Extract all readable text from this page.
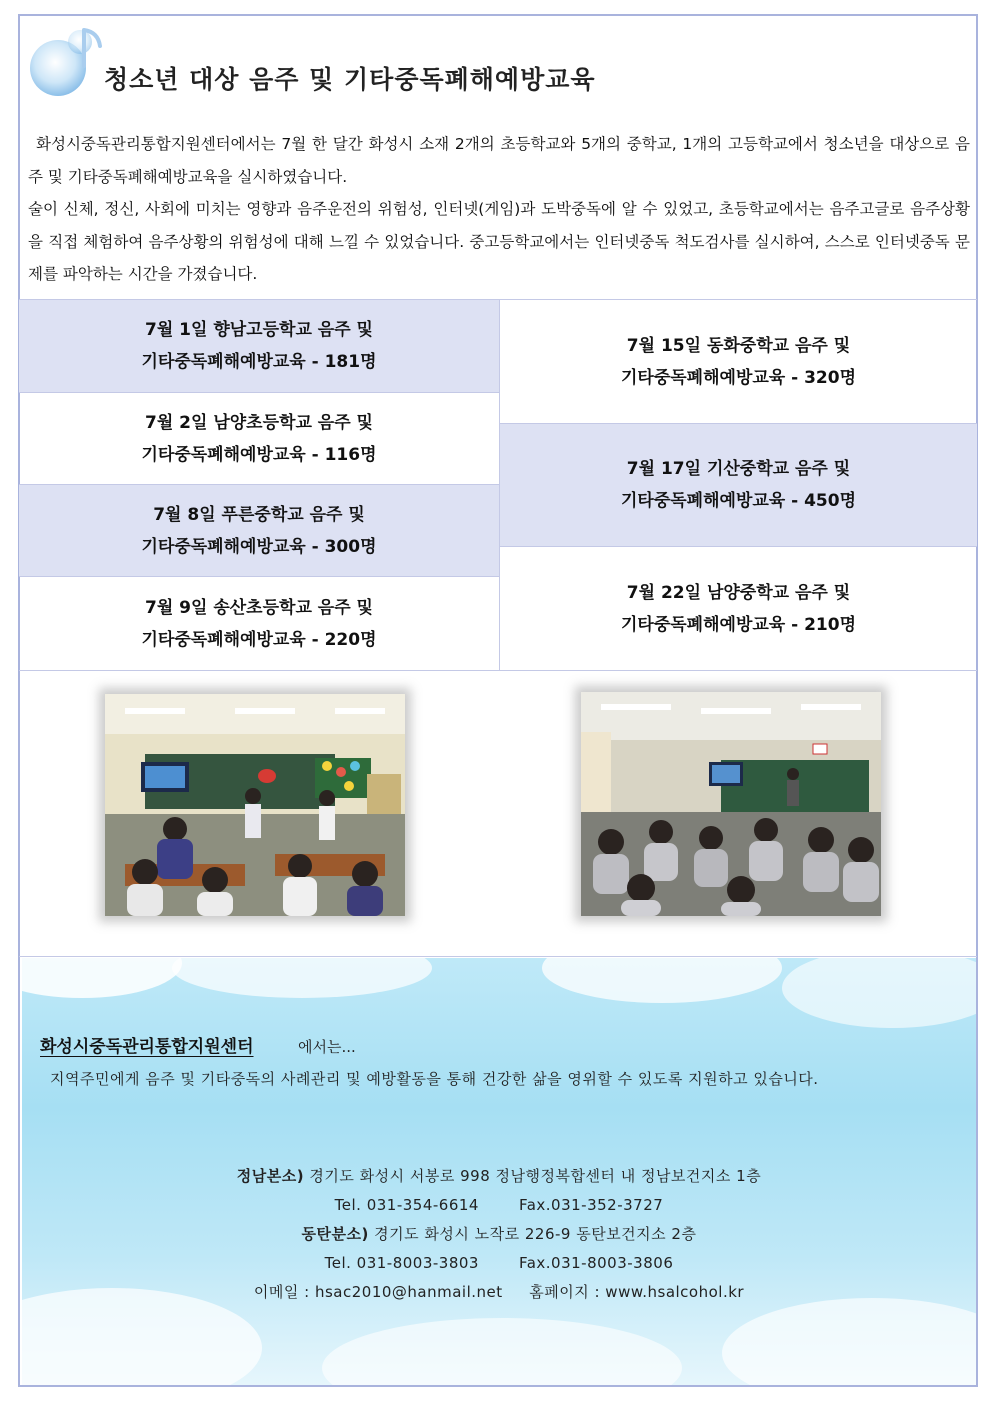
청소년 대상 음주 및 기타중독폐해예방교육

화성시중독관리통합지원센터에서는 7월 한 달간 화성시 소재 2개의 초등학교와 5개의 중학교, 1개의 고등학교에서 청소년을 대상으로 음주 및 기타중독폐해예방교육을 실시하였습니다.

술이 신체, 정신, 사회에 미치는 영향과 음주운전의 위험성, 인터넷(게임)과 도박중독에 알 수 있었고, 초등학교에서는 음주고글로 음주상황을 직접 체험하여 음주상황의 위험성에 대해 느낄 수 있었습니다. 중고등학교에서는 인터넷중독 척도검사를 실시하여, 스스로 인터넷중독 문제를 파악하는 시간을 가졌습니다.

7월 1일 향남고등학교 음주 및
기타중독폐해예방교육 - 181명
7월 2일 남양초등학교 음주 및
기타중독폐해예방교육 - 116명
7월 8일 푸른중학교 음주 및
기타중독폐해예방교육 - 300명
7월 9일 송산초등학교 음주 및
기타중독폐해예방교육 - 220명
7월 15일 동화중학교 음주 및
기타중독폐해예방교육 - 320명
7월 17일 기산중학교 음주 및
기타중독폐해예방교육 - 450명
7월 22일 남양중학교 음주 및
기타중독폐해예방교육 - 210명
화성시중독관리통합지원센터	에서는...
지역주민에게 음주 및 기타중독의 사례관리 및 예방활동을 통해 건강한 삶을 영위할 수 있도록 지원하고 있습니다.
정남본소) 경기도 화성시 서봉로 998 정남행정복합센터 내 정남보건지소 1층
Tel. 031-354-6614	Fax.031-352-3727
동탄분소) 경기도 화성시 노작로 226-9 동탄보건지소 2층
Tel. 031-8003-3803	Fax.031-8003-3806
이메일 : hsac2010@hanmail.net 홈페이지 : www.hsalcohol.kr
